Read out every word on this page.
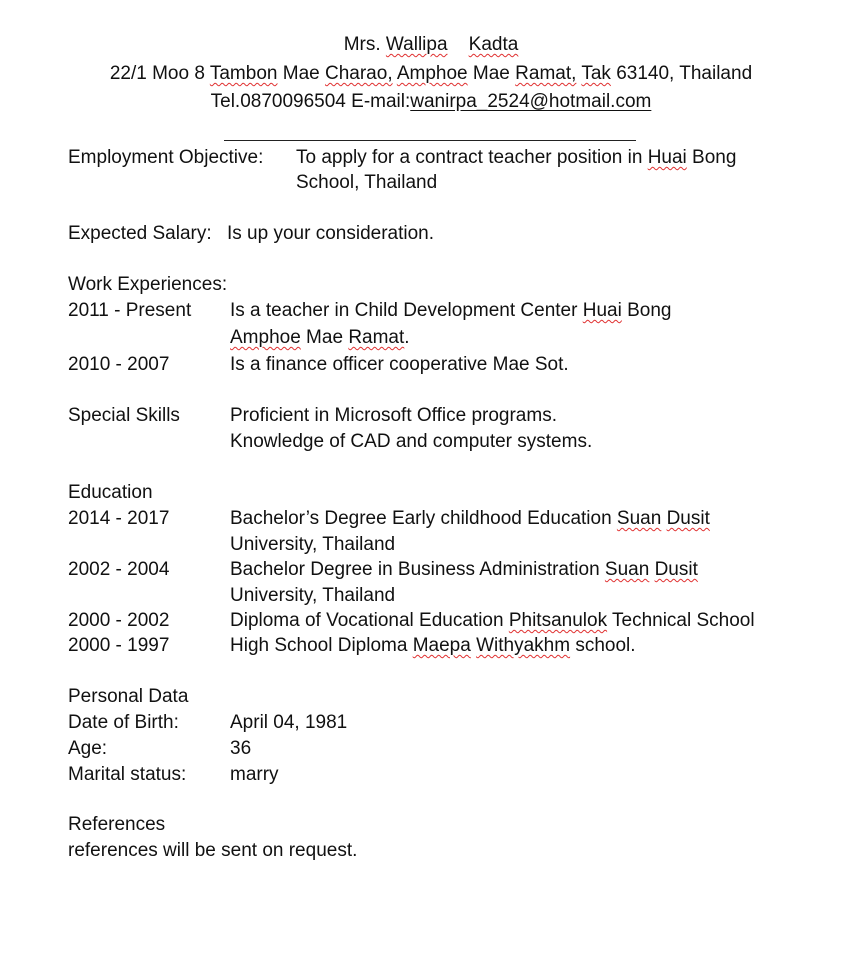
Mrs. Wallipa Kadta
22/1 Moo 8 Tambon Mae Charao, Amphoe Mae Ramat, Tak 63140, Thailand
Tel.0870096504 E-mail:wanirpa_2524@hotmail.com
Employment Objective: To apply for a contract teacher position in Huai Bong
School, Thailand
Expected Salary: Is up your consideration.
Work Experiences:
2011 - Present Is a teacher in Child Development Center Huai Bong
Amphoe Mae Ramat.
2010 - 2007	Is a finance officer cooperative Mae Sot.
Special Skills	Proficient in Microsoft Office programs.
Knowledge of CAD and computer systems.
Education
2014 - 2017	Bachelor’s Degree Early childhood Education Suan Dusit
University, Thailand
2002 - 2004	Bachelor Degree in Business Administration Suan Dusit
University, Thailand
2000 - 2002	Diploma of Vocational Education Phitsanulok Technical School
2000 - 1997	High School Diploma Maepa Withyakhm school.
Personal Data
Date of Birth:	April 04, 1981
Age:	36
Marital status: marry
References
references will be sent on request.
